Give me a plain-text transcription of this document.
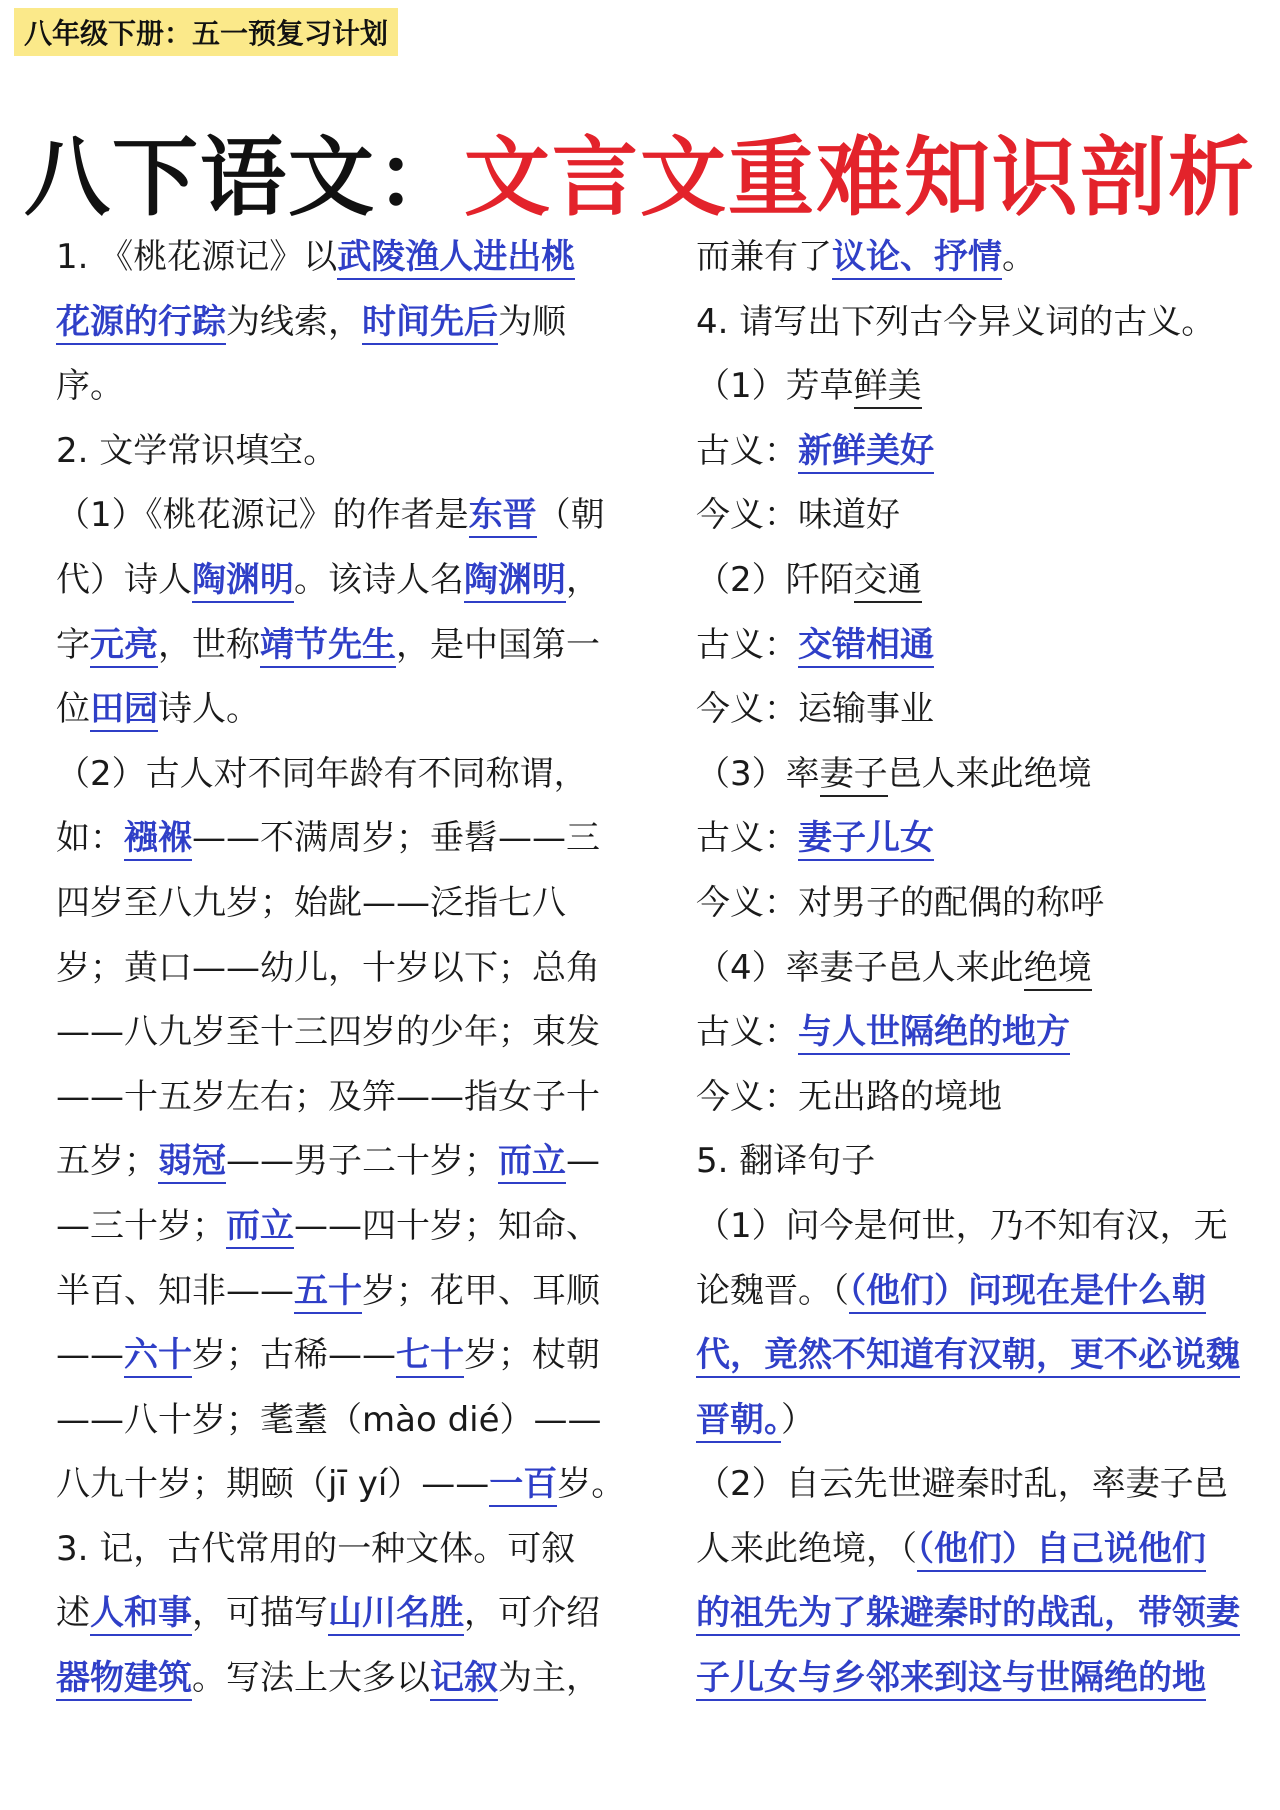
八年级下册：五一预复习计划
八下语文：文言文重难知识剖析
1. 《桃花源记》以武陵渔人进出桃
花源的行踪为线索，时间先后为顺
序。
2. 文学常识填空。
（1）《桃花源记》的作者是东晋（朝
代）诗人陶渊明。该诗人名陶渊明，
字元亮，世称靖节先生，是中国第一
位田园诗人。
（2）古人对不同年龄有不同称谓，
如：襁褓——不满周岁；垂髫——三
四岁至八九岁；始龀——泛指七八
岁；黄口——幼儿，十岁以下；总角
——八九岁至十三四岁的少年；束发
——十五岁左右；及笄——指女子十
五岁；弱冠——男子二十岁；而立—
—三十岁；而立——四十岁；知命、
半百、知非——五十岁；花甲、耳顺
——六十岁；古稀——七十岁；杖朝
——八十岁；耄耋（mào dié）——
八九十岁；期颐（jī yí）——一百岁。
3. 记，古代常用的一种文体。可叙
述人和事，可描写山川名胜，可介绍
器物建筑。写法上大多以记叙为主，
而兼有了议论、抒情。
4. 请写出下列古今异义词的古义。
（1）芳草鲜美
古义：新鲜美好
今义：味道好
（2）阡陌交通
古义：交错相通
今义：运输事业
（3）率妻子邑人来此绝境
古义：妻子儿女
今义：对男子的配偶的称呼
（4）率妻子邑人来此绝境
古义：与人世隔绝的地方
今义：无出路的境地
5. 翻译句子
（1）问今是何世，乃不知有汉，无
论魏晋。（（他们）问现在是什么朝
代，竟然不知道有汉朝，更不必说魏
晋朝。）
（2）自云先世避秦时乱，率妻子邑
人来此绝境，（（他们）自己说他们
的祖先为了躲避秦时的战乱，带领妻
子儿女与乡邻来到这与世隔绝的地
